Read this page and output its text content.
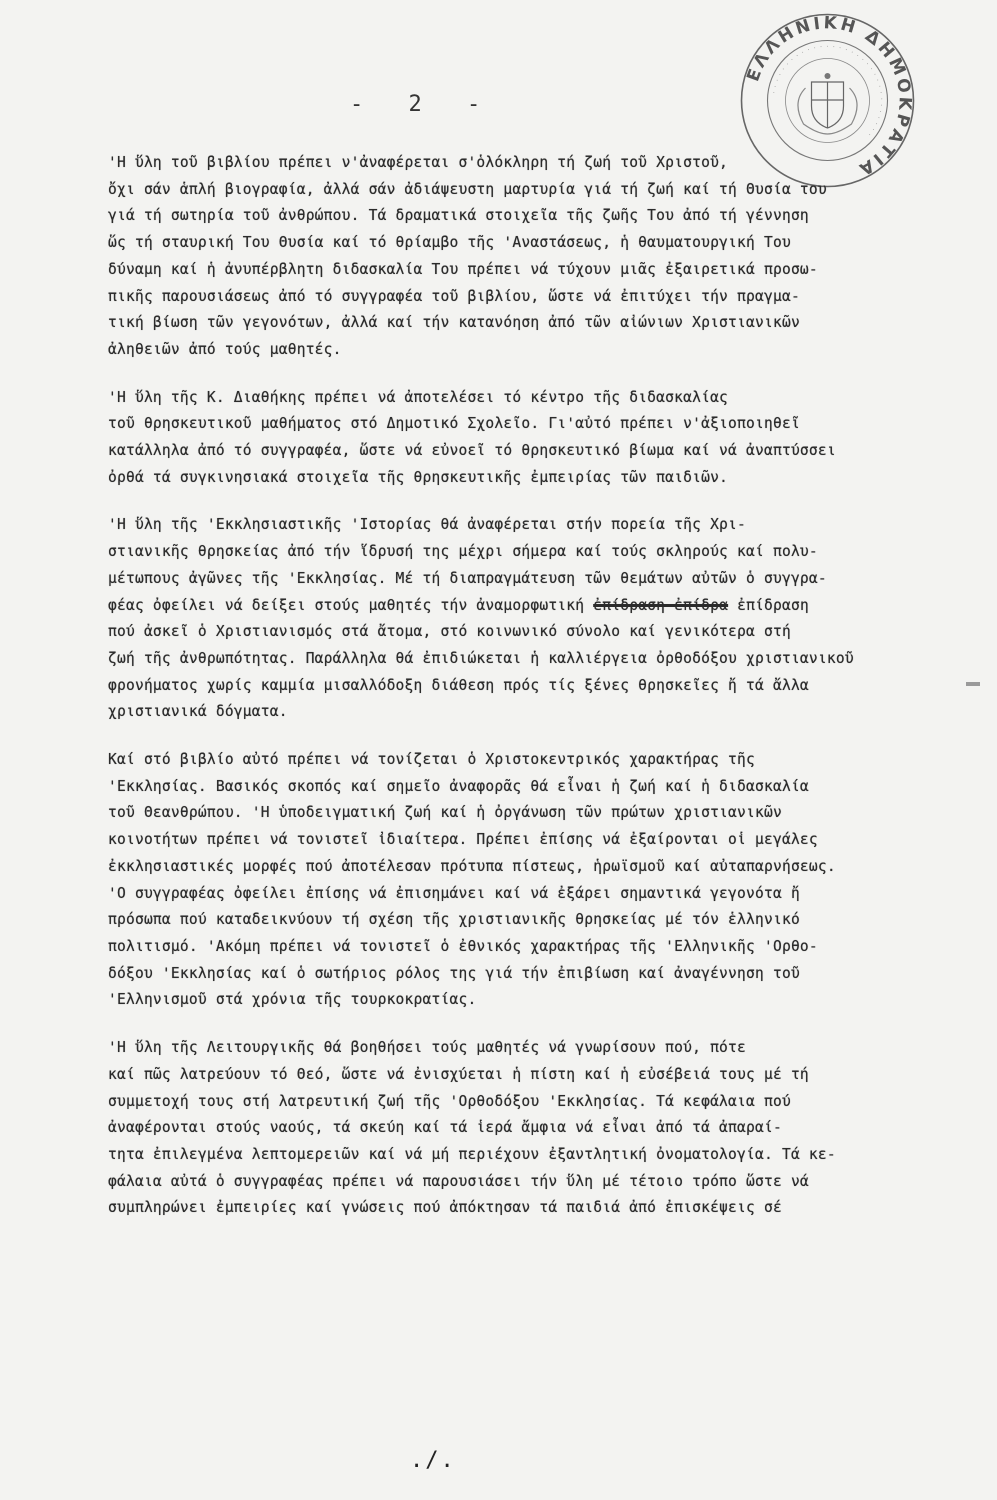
- 2 -
ΕΛΛΗΝΙΚΗ ΔΗΜΟΚΡΑΤΙΑ
· · · · · · · · · · · · · · · · · · · · · · · · · · · · · · · ·

'Η ὕλη τοῦ βιβλίου πρέπει ν'ἀναφέρεται σ'ὁλόκληρη τή ζωή τοῦ Χριστοῦ,
ὄχι σάν ἁπλή βιογραφία, ἀλλά σάν ἀδιάψευστη μαρτυρία γιά τή ζωή καί τή Θυσία του
γιά τή σωτηρία τοῦ ἀνθρώπου. Τά δραματικά στοιχεῖα τῆς ζωῆς Του ἀπό τή γέννηση
ὥς τή σταυρική Του Θυσία καί τό θρίαμβο τῆς 'Αναστάσεως, ἡ θαυματουργική Του
δύναμη καί ἡ ἀνυπέρβλητη διδασκαλία Του πρέπει νά τύχουν μιᾶς ἐξαιρετικά προσω-
πικῆς παρουσιάσεως ἀπό τό συγγραφέα τοῦ βιβλίου, ὥστε νά ἐπιτύχει τήν πραγμα-
τική βίωση τῶν γεγονότων, ἀλλά καί τήν κατανόηση ἀπό τῶν αἰώνιων Χριστιανικῶν
ἀληθειῶν ἀπό τούς μαθητές.

'Η ὕλη τῆς Κ. Διαθήκης πρέπει νά ἀποτελέσει τό κέντρο τῆς διδασκαλίας
τοῦ θρησκευτικοῦ μαθήματος στό Δημοτικό Σχολεῖο. Γι'αὐτό πρέπει ν'ἀξιοποιηθεῖ
κατάλληλα ἀπό τό συγγραφέα, ὥστε νά εὐνοεῖ τό θρησκευτικό βίωμα καί νά ἀναπτύσσει
ὀρθά τά συγκινησιακά στοιχεῖα τῆς θρησκευτικῆς ἐμπειρίας τῶν παιδιῶν.

'Η ὕλη τῆς 'Εκκλησιαστικῆς 'Ιστορίας θά ἀναφέρεται στήν πορεία τῆς Χρι-
στιανικῆς θρησκείας ἀπό τήν ἵδρυσή της μέχρι σήμερα καί τούς σκληρούς καί πολυ-
μέτωπους ἀγῶνες τῆς 'Εκκλησίας. Μέ τή διαπραγμάτευση τῶν θεμάτων αὐτῶν ὁ συγγρα-
φέας ὀφείλει νά δείξει στούς μαθητές τήν ἀναμορφωτική ἐπίδραση ἐπίδρα ἐπίδραση
πού ἀσκεῖ ὁ Χριστιανισμός στά ἄτομα, στό κοινωνικό σύνολο καί γενικότερα στή
ζωή τῆς ἀνθρωπότητας. Παράλληλα θά ἐπιδιώκεται ἡ καλλιέργεια ὀρθοδόξου χριστιανικοῦ
φρονήματος χωρίς καμμία μισαλλόδοξη διάθεση πρός τίς ξένες θρησκεῖες ἤ τά ἄλλα
χριστιανικά δόγματα.

Καί στό βιβλίο αὐτό πρέπει νά τονίζεται ὁ Χριστοκεντρικός χαρακτήρας τῆς
'Εκκλησίας. Βασικός σκοπός καί σημεῖο ἀναφορᾶς θά εἶναι ἡ ζωή καί ἡ διδασκαλία
τοῦ Θεανθρώπου. 'Η ὑποδειγματική ζωή καί ἡ ὀργάνωση τῶν πρώτων χριστιανικῶν
κοινοτήτων πρέπει νά τονιστεῖ ἰδιαίτερα. Πρέπει ἐπίσης νά ἐξαίρονται οἱ μεγάλες
ἐκκλησιαστικές μορφές πού ἀποτέλεσαν πρότυπα πίστεως, ἡρωϊσμοῦ καί αὐταπαρνήσεως.
'Ο συγγραφέας ὀφείλει ἐπίσης νά ἐπισημάνει καί νά ἐξάρει σημαντικά γεγονότα ἤ
πρόσωπα πού καταδεικνύουν τή σχέση τῆς χριστιανικῆς θρησκείας μέ τόν ἑλληνικό
πολιτισμό. 'Ακόμη πρέπει νά τονιστεῖ ὁ ἐθνικός χαρακτήρας τῆς 'Ελληνικῆς 'Ορθο-
δόξου 'Εκκλησίας καί ὁ σωτήριος ρόλος της γιά τήν ἐπιβίωση καί ἀναγέννηση τοῦ
'Ελληνισμοῦ στά χρόνια τῆς τουρκοκρατίας.

'Η ὕλη τῆς Λειτουργικῆς θά βοηθήσει τούς μαθητές νά γνωρίσουν πού, πότε
καί πῶς λατρεύουν τό Θεό, ὥστε νά ἐνισχύεται ἡ πίστη καί ἡ εὐσέβειά τους μέ τή
συμμετοχή τους στή λατρευτική ζωή τῆς 'Ορθοδόξου 'Εκκλησίας. Τά κεφάλαια πού
ἀναφέρονται στούς ναούς, τά σκεύη καί τά ἱερά ἄμφια νά εἶναι ἀπό τά ἀπαραί-
τητα ἐπιλεγμένα λεπτομερειῶν καί νά μή περιέχουν ἐξαντλητική ὀνοματολογία. Τά κε-
φάλαια αὐτά ὁ συγγραφέας πρέπει νά παρουσιάσει τήν ὕλη μέ τέτοιο τρόπο ὥστε νά
συμπληρώνει ἐμπειρίες καί γνώσεις πού ἀπόκτησαν τά παιδιά ἀπό ἐπισκέψεις σέ

./.
